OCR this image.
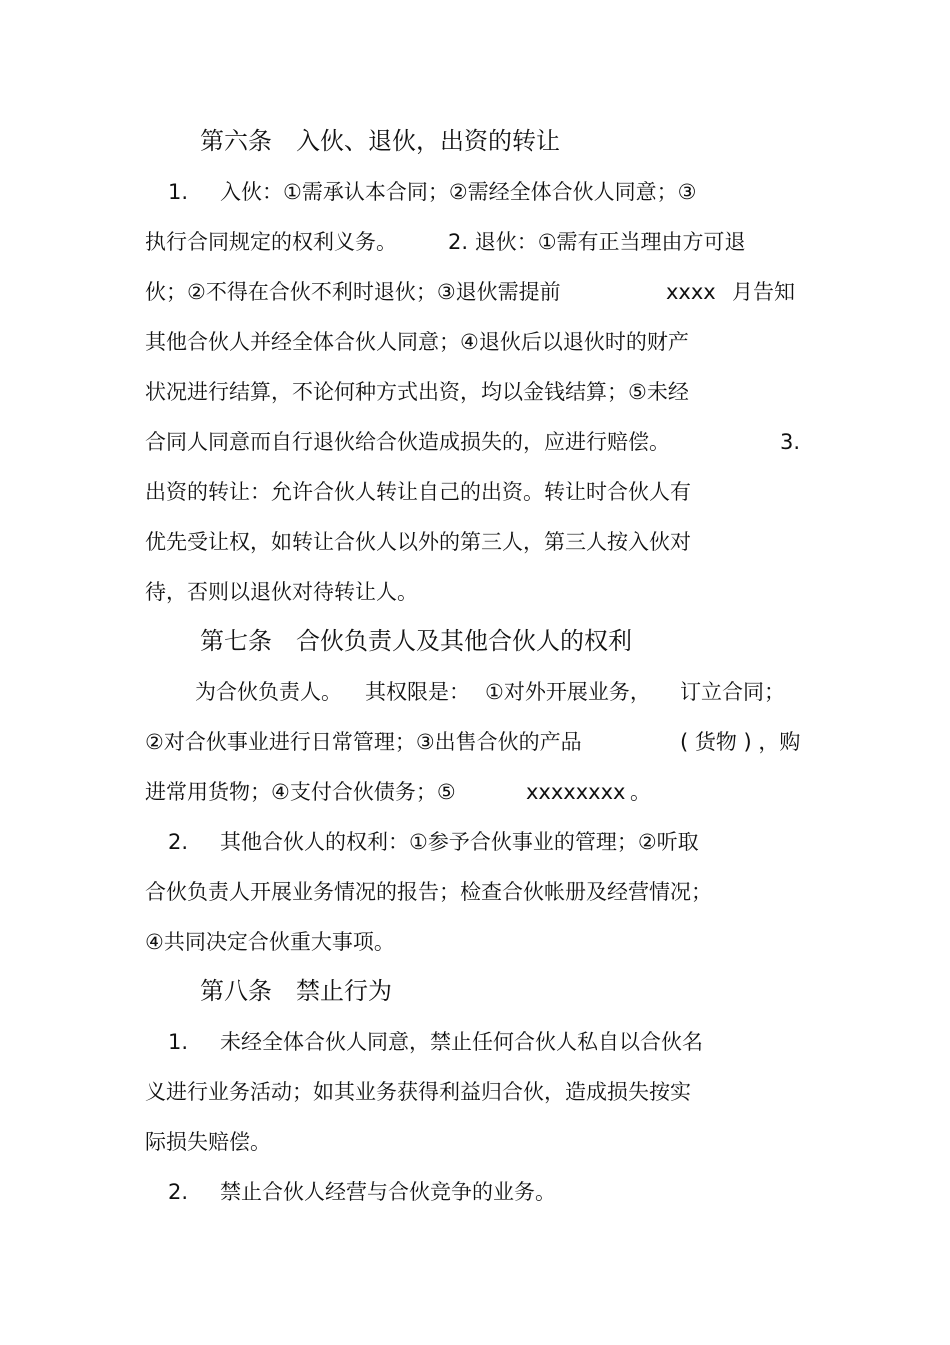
第六条　入伙、退伙，出资的转让
1. 入伙：①需承认本合同；②需经全体合伙人同意；③
执行合同规定的权利义务。 2. 退伙：①需有正当理由方可退
伙；②不得在合伙不利时退伙；③退伙需提前	xxxx 月告知
其他合伙人并经全体合伙人同意；④退伙后以退伙时的财产
状况进行结算，不论何种方式出资，均以金钱结算；⑤未经
合同人同意而自行退伙给合伙造成损失的，应进行赔偿。	3.
出资的转让：允许合伙人转让自己的出资。转让时合伙人有
优先受让权，如转让合伙人以外的第三人，第三人按入伙对
待，否则以退伙对待转让人。
第七条　合伙负责人及其他合伙人的权利
为合伙负责人。 其权限是： ①对外开展业务， 订立合同；
②对合伙事业进行日常管理；③出售合伙的产品	( 货物 ) ，购
进常用货物；④支付合伙债务；⑤	xxxxxxxx 。
2. 其他合伙人的权利：①参予合伙事业的管理；②听取
合伙负责人开展业务情况的报告；检查合伙帐册及经营情况；
④共同决定合伙重大事项。
第八条　禁止行为
1. 未经全体合伙人同意，禁止任何合伙人私自以合伙名
义进行业务活动；如其业务获得利益归合伙，造成损失按实
际损失赔偿。
2. 禁止合伙人经营与合伙竞争的业务。
